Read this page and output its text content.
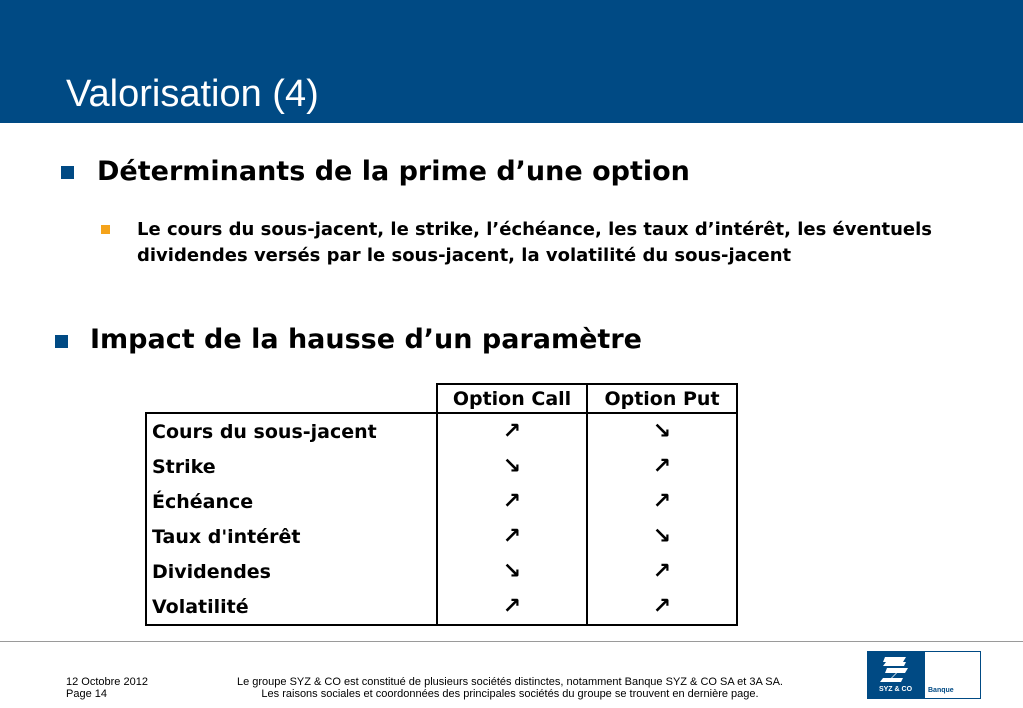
Valorisation (4)
Déterminants de la prime d’une option
Le cours du sous-jacent, le strike, l’échéance, les taux d’intérêt, les éventuels dividendes versés par le sous-jacent, la volatilité du sous-jacent
Impact de la hausse d’un paramètre
	Option Call	Option Put
Cours du sous-jacent	↗	↘
Strike	↘	↗
Échéance	↗	↗
Taux d'intérêt	↗	↘
Dividendes	↘	↗
Volatilité	↗	↗
12 Octobre 2012
Page 14
Le groupe SYZ & CO est constitué de plusieurs sociétés distinctes, notamment Banque SYZ & CO SA et 3A SA.
Les raisons sociales et coordonnées des principales sociétés du groupe se trouvent en dernière page.	SYZ & CO	Banque
